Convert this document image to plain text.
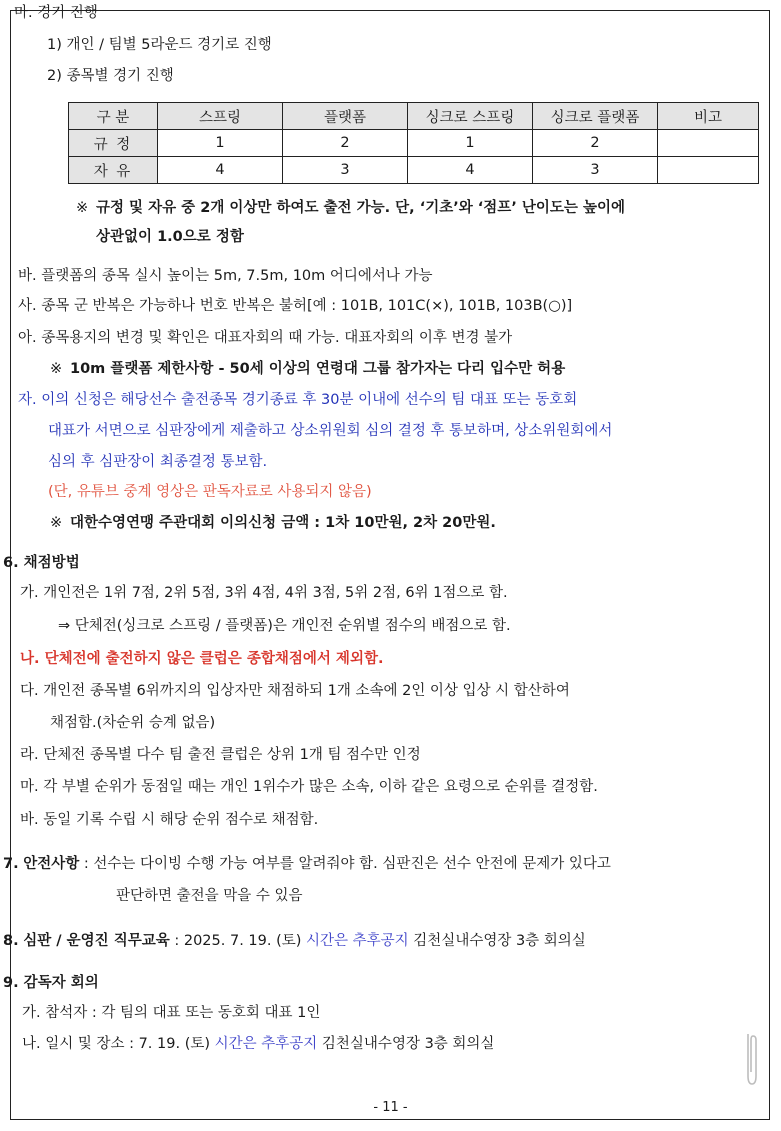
마. 경기 진행
1) 개인 / 팀별 5라운드 경기로 진행
2) 종목별 경기 진행
구 분	스프링	플랫폼	싱크로 스프링	싱크로 플랫폼	비고
규 정	1	2	1	2	
자 유	4	3	4	3	
※ 규정 및 자유 중 2개 이상만 하여도 출전 가능. 단, ‘기초’와 ‘점프’ 난이도는 높이에
상관없이 1.0으로 정함
바. 플랫폼의 종목 실시 높이는 5m, 7.5m, 10m 어디에서나 가능
사. 종목 군 반복은 가능하나 번호 반복은 불허[예 : 101B, 101C(×), 101B, 103B(○)]
아. 종목용지의 변경 및 확인은 대표자회의 때 가능. 대표자회의 이후 변경 불가
※ 10m 플랫폼 제한사항 - 50세 이상의 연령대 그룹 참가자는 다리 입수만 허용
자. 이의 신청은 해당선수 출전종목 경기종료 후 30분 이내에 선수의 팀 대표 또는 동호회
대표가 서면으로 심판장에게 제출하고 상소위원회 심의 결정 후 통보하며, 상소위원회에서
심의 후 심판장이 최종결정 통보함.
(단, 유튜브 중계 영상은 판독자료로 사용되지 않음)
※ 대한수영연맹 주관대회 이의신청 금액 : 1차 10만원, 2차 20만원.
6. 채점방법
가. 개인전은 1위 7점, 2위 5점, 3위 4점, 4위 3점, 5위 2점, 6위 1점으로 함.
⇒ 단체전(싱크로 스프링 / 플랫폼)은 개인전 순위별 점수의 배점으로 함.
나. 단체전에 출전하지 않은 클럽은 종합채점에서 제외함.
다. 개인전 종목별 6위까지의 입상자만 채점하되 1개 소속에 2인 이상 입상 시 합산하여
채점함.(차순위 승계 없음)
라. 단체전 종목별 다수 팀 출전 클럽은 상위 1개 팀 점수만 인정
마. 각 부별 순위가 동점일 때는 개인 1위수가 많은 소속, 이하 같은 요령으로 순위를 결정함.
바. 동일 기록 수립 시 해당 순위 점수로 채점함.
7. 안전사항 : 선수는 다이빙 수행 가능 여부를 알려줘야 함. 심판진은 선수 안전에 문제가 있다고
판단하면 출전을 막을 수 있음
8. 심판 / 운영진 직무교육 : 2025. 7. 19. (토) 시간은 추후공지 김천실내수영장 3층 회의실
9. 감독자 회의
가. 참석자 : 각 팀의 대표 또는 동호회 대표 1인
나. 일시 및 장소 : 7. 19. (토) 시간은 추후공지 김천실내수영장 3층 회의실
- 11 -
